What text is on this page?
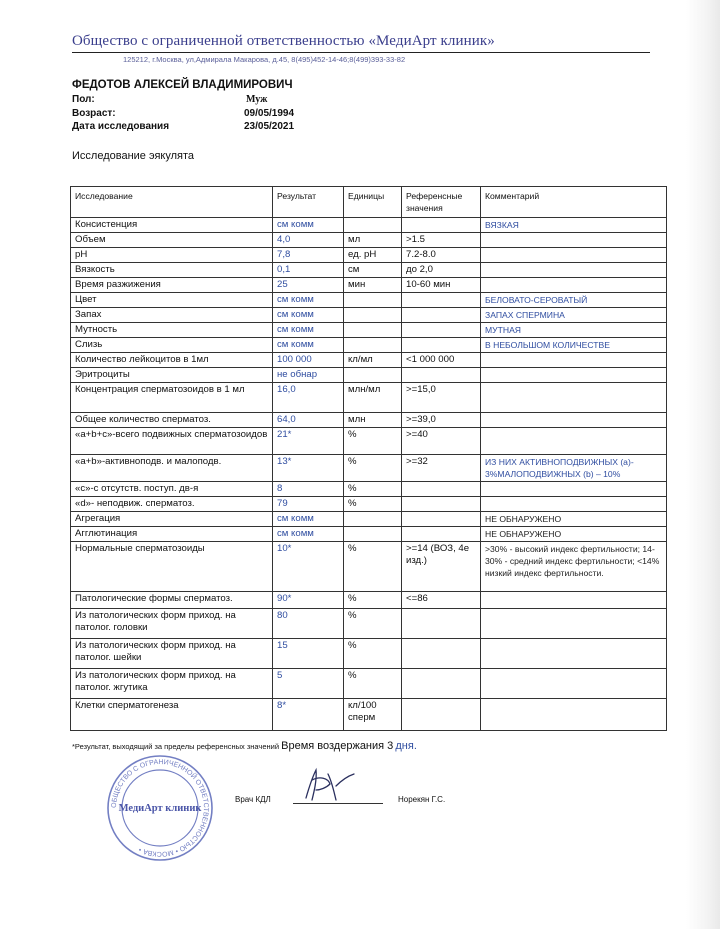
Общество с ограниченной ответственностью «МедиАрт клиник»
125212, г.Москва, ул,Адмирала Макарова, д.45, 8(495)452-14-46;8(499)393-33-82
ФЕДОТОВ АЛЕКСЕЙ ВЛАДИМИРОВИЧ
Пол:	Муж
Возраст:	09/05/1994
Дата исследования	23/05/2021
Исследование эякулята
Исследование	Результат	Единицы	Референсные значения	Комментарий
Консистенция	см комм			ВЯЗКАЯ
Объем	4,0	мл	>1.5	
pH	7,8	ед. pH	7.2-8.0	
Вязкость	0,1	см	до 2,0	
Время разжижения	25	мин	10-60 мин	
Цвет	см комм			БЕЛОВАТО-СЕРОВАТЫЙ
Запах	см комм			ЗАПАХ СПЕРМИНА
Мутность	см комм			МУТНАЯ
Слизь	см комм			В НЕБОЛЬШОМ КОЛИЧЕСТВЕ
Количество лейкоцитов в 1мл	100 000	кл/мл	<1 000 000	
Эритроциты	не обнар			
Концентрация сперматозоидов в 1 мл	16,0	млн/мл	>=15,0	
Общее количество сперматоз.	64,0	млн	>=39,0	
«а+b+c»-всего подвижных сперматозоидов	21*	%	>=40	
«а+b»-активноподв. и малоподв.	13*	%	>=32	ИЗ НИХ АКТИВНОПОДВИЖНЫХ (а)- 3%МАЛОПОДВИЖНЫХ (b) – 10%
«с»-с отсутств. поступ. дв-я	8	%		
«d»- неподвиж. сперматоз.	79	%		
Агрегация	см комм			НЕ ОБНАРУЖЕНО
Агглютинация	см комм			НЕ ОБНАРУЖЕНО
Нормальные сперматозоиды	10*	%	>=14 (ВОЗ, 4е изд.)	>30% - высокий индекс фертильности; 14-30% - средний индекс фертильности; <14% низкий индекс фертильности.
Патологические формы сперматоз.	90*	%	<=86	
Из патологических форм приход. на патолог. головки	80	%		
Из патологических форм приход. на патолог. шейки	15	%		
Из патологических форм приход. на патолог. жгутика	5	%		
Клетки сперматогенеза	8*	кл/100 сперм		
*Результат, выходящий за пределы референсных значений Время воздержания 3 дня.
ОБЩЕСТВО С ОГРАНИЧЕННОЙ ОТВЕТСТВЕННОСТЬЮ • МОСКВА •
МедиАрт клиник
Врач КДЛ	Норекян Г.С.
